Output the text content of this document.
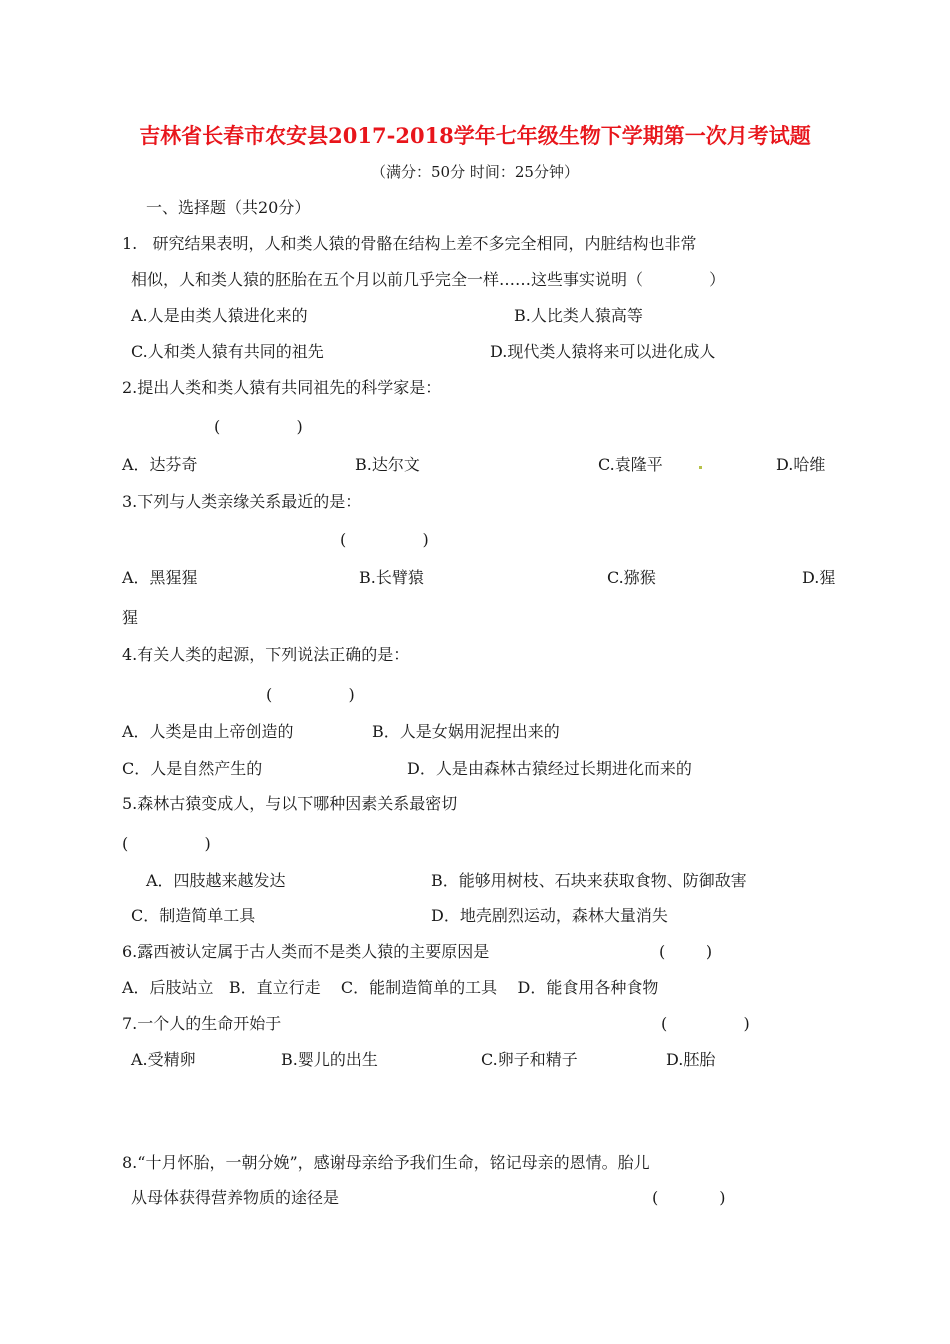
吉林省长春市农安县2017-2018学年七年级生物下学期第一次月考试题
（满分：50分 时间：25分钟）
一、选择题（共20分）
1.   研究结果表明，人和类人猿的骨骼在结构上差不多完全相同，内脏结构也非常
相似，人和类人猿的胚胎在五个月以前几乎完全一样……这些事实说明（             ）
A.人是由类人猿进化来的	B.人比类人猿高等
C.人和类人猿有共同的祖先	D.现代类人猿将来可以进化成人
2.提出人类和类人猿有共同祖先的科学家是：
(               )
A．达芬奇	B.达尔文	C.袁隆平	D.哈维
3.下列与人类亲缘关系最近的是：
(               )
A．黑猩猩	B.长臂猿	C.猕猴	D.猩
猩
4.有关人类的起源，下列说法正确的是：
(               )
A．人类是由上帝创造的	B．人是女娲用泥捏出来的
C．人是自然产生的	D．人是由森林古猿经过长期进化而来的
5.森林古猿变成人，与以下哪种因素关系最密切
(               )
A．四肢越来越发达	B．能够用树枝、石块来获取食物、防御敌害
C．制造简单工具	D．地壳剧烈运动，森林大量消失
6.露西被认定属于古人类而不是类人猿的主要原因是	(        )
A．后肢站立   B．直立行走    C．能制造简单的工具    D．能食用各种食物
7.一个人的生命开始于	(               )
A.受精卵	B.婴儿的出生	C.卵子和精子	D.胚胎
8.“十月怀胎，一朝分娩”，感谢母亲给予我们生命，铭记母亲的恩情。胎儿
从母体获得营养物质的途径是	(            )
